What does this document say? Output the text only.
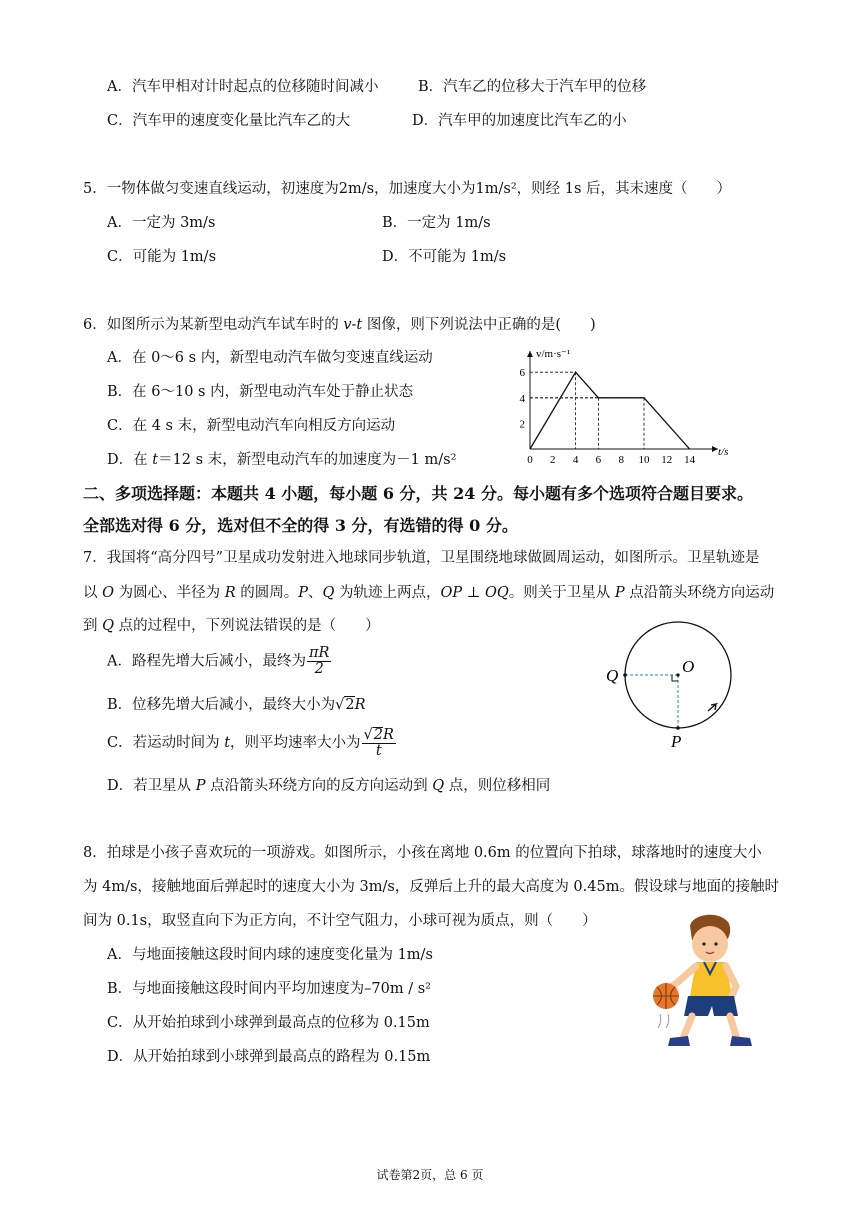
A．汽车甲相对计时起点的位移随时间减小	B．汽车乙的位移大于汽车甲的位移
C．汽车甲的速度变化量比汽车乙的大	D．汽车甲的加速度比汽车乙的小
5．一物体做匀变速直线运动，初速度为2m/s，加速度大小为1m/s²，则经 1s 后，其末速度（　　）
A．一定为 3m/s	B．一定为 1m/s
C．可能为 1m/s	D．不可能为 1m/s
6．如图所示为某新型电动汽车试车时的 v-t 图像，则下列说法中正确的是(　　)
A．在 0～6 s 内，新型电动汽车做匀变速直线运动
B．在 6～10 s 内，新型电动汽车处于静止状态
C．在 4 s 末，新型电动汽车向相反方向运动
D．在 t＝12 s 末，新型电动汽车的加速度为－1 m/s²
v/m·s⁻¹
t/s
0 2 4 6 8 10 12 14
2
4
6
二、多项选择题：本题共 4 小题，每小题 6 分，共 24 分。每小题有多个选项符合题目要求。
全部选对得 6 分，选对但不全的得 3 分，有选错的得 0 分。
7．我国将“高分四号”卫星成功发射进入地球同步轨道，卫星围绕地球做圆周运动，如图所示。卫星轨迹是
以 O 为圆心、半径为 R 的圆周。P、Q 为轨迹上两点，OP ⊥ OQ。则关于卫星从 P 点沿箭头环绕方向运动
到 Q 点的过程中，下列说法错误的是（　　）
A．路程先增大后减小，最终为 $\frac{\pi R}{2}$
B．位移先增大后减小，最终大小为√2R
C．若运动时间为 t，则平均速率大小为 $\frac{√2R}{t}$
D．若卫星从 P 点沿箭头环绕方向的反方向运动到 Q 点，则位移相同
Q	O
P
8．拍球是小孩子喜欢玩的一项游戏。如图所示，小孩在离地 0.6m 的位置向下拍球，球落地时的速度大小
为 4m/s，接触地面后弹起时的速度大小为 3m/s，反弹后上升的最大高度为 0.45m。假设球与地面的接触时
间为 0.1s，取竖直向下为正方向，不计空气阻力，小球可视为质点，则（　　）
A．与地面接触这段时间内球的速度变化量为 1m/s
B．与地面接触这段时间内平均加速度为–70m / s²
C．从开始拍球到小球弹到最高点的位移为 0.15m
D．从开始拍球到小球弹到最高点的路程为 0.15m
试卷第2页，总 6 页
